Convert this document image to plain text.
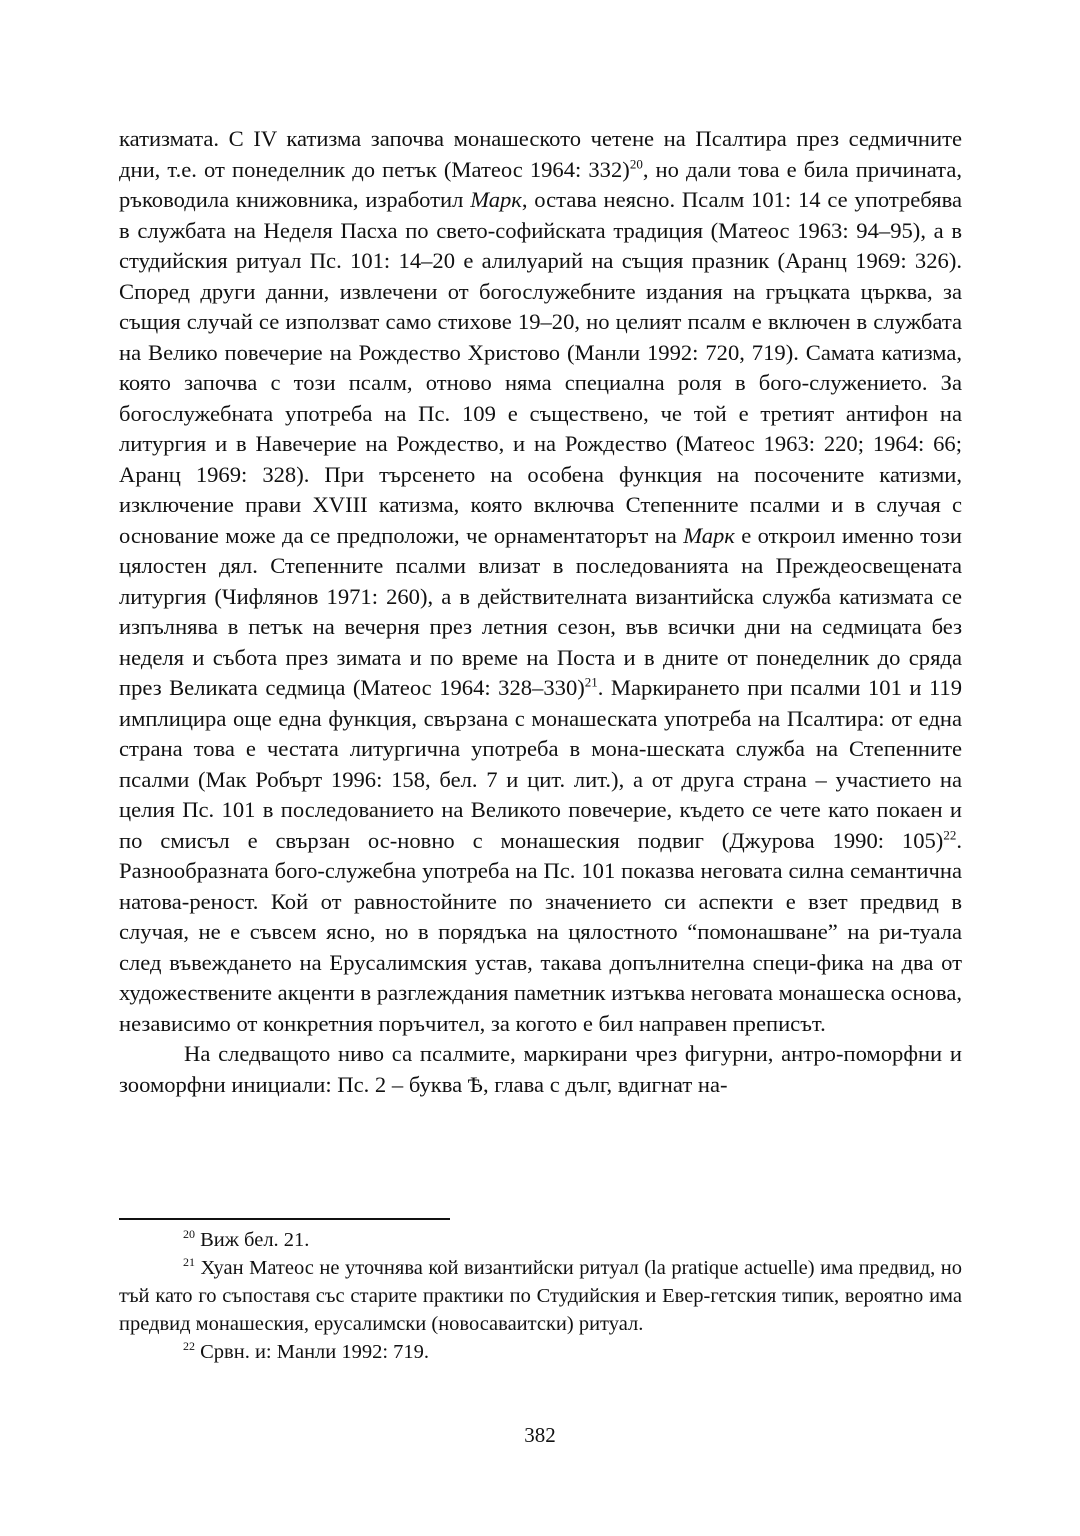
катизмата. С IV катизма започва монашеското четене на Псалтира през седмичните дни, т.е. от понеделник до петък (Матеос 1964: 332)$^{20}$, но дали това е била причината, ръководила книжовника, изработил Марк, остава неясно. Псалм 101: 14 се употребява в службата на Неделя Пасха по свето-софийската традиция (Матеос 1963: 94–95), а в студийския ритуал Пс. 101: 14–20 е алилуарий на същия празник (Аранц 1969: 326). Според други данни, извлечени от богослужебните издания на гръцката църква, за същия случай се използват само стихове 19–20, но целият псалм е включен в службата на Велико повечерие на Рождество Христово (Манли 1992: 720, 719). Самата катизма, която започва с този псалм, отново няма специална роля в бого-служението. За богослужебната употреба на Пс. 109 е съществено, че той е третият антифон на литургия и в Навечерие на Рождество, и на Рождество (Матеос 1963: 220; 1964: 66; Аранц 1969: 328). При търсенето на особена функция на посочените катизми, изключение прави XVIII катизма, която включва Степенните псалми и в случая с основание може да се предположи, че орнаментаторът на Марк е откроил именно този цялостен дял. Степенните псалми влизат в последованията на Преждеосвещената литургия (Чифлянов 1971: 260), а в действителната византийска служба катизмата се изпълнява в петък на вечерня през летния сезон, във всички дни на седмицата без неделя и събота през зимата и по време на Поста и в дните от понеделник до сряда през Великата седмица (Матеос 1964: 328–330)$^{21}$. Маркирането при псалми 101 и 119 имплицира още една функция, свързана с монашеската употреба на Псалтира: от една страна това е честата литургична употреба в мона-шеската служба на Степенните псалми (Мак Робърт 1996: 158, бел. 7 и цит. лит.), а от друга страна – участието на целия Пс. 101 в последованието на Великото повечерие, където се чете като покаен и по смисъл е свързан ос-новно с монашеския подвиг (Джурова 1990: 105)$^{22}$. Разнообразната бого-служебна употреба на Пс. 101 показва неговата силна семантична натова-реност. Кой от равностойните по значението си аспекти е взет предвид в случая, не е съвсем ясно, но в порядъка на цялостното “помонашване” на ри-туала след въвеждането на Ерусалимския устав, такава допълнителна специ-фика на два от художествените акценти в разглеждания паметник изтъква неговата монашеска основа, независимо от конкретния поръчител, за когото е бил направен преписът.

На следващото ниво са псалмите, маркирани чрез фигурни, антро-поморфни и зооморфни инициали: Пс. 2 – буква Ѣ, глава с дълг, вдигнат на-

$^{20}$ Виж бел. 21.

$^{21}$ Хуан Матеос не уточнява кой византийски ритуал (la pratique actuelle) има предвид, но тъй като го съпоставя със старите практики по Студийския и Евер-гетския типик, вероятно има предвид монашеския, ерусалимски (новосаваитски) ритуал.

$^{22}$ Срвн. и: Манли 1992: 719.

382
